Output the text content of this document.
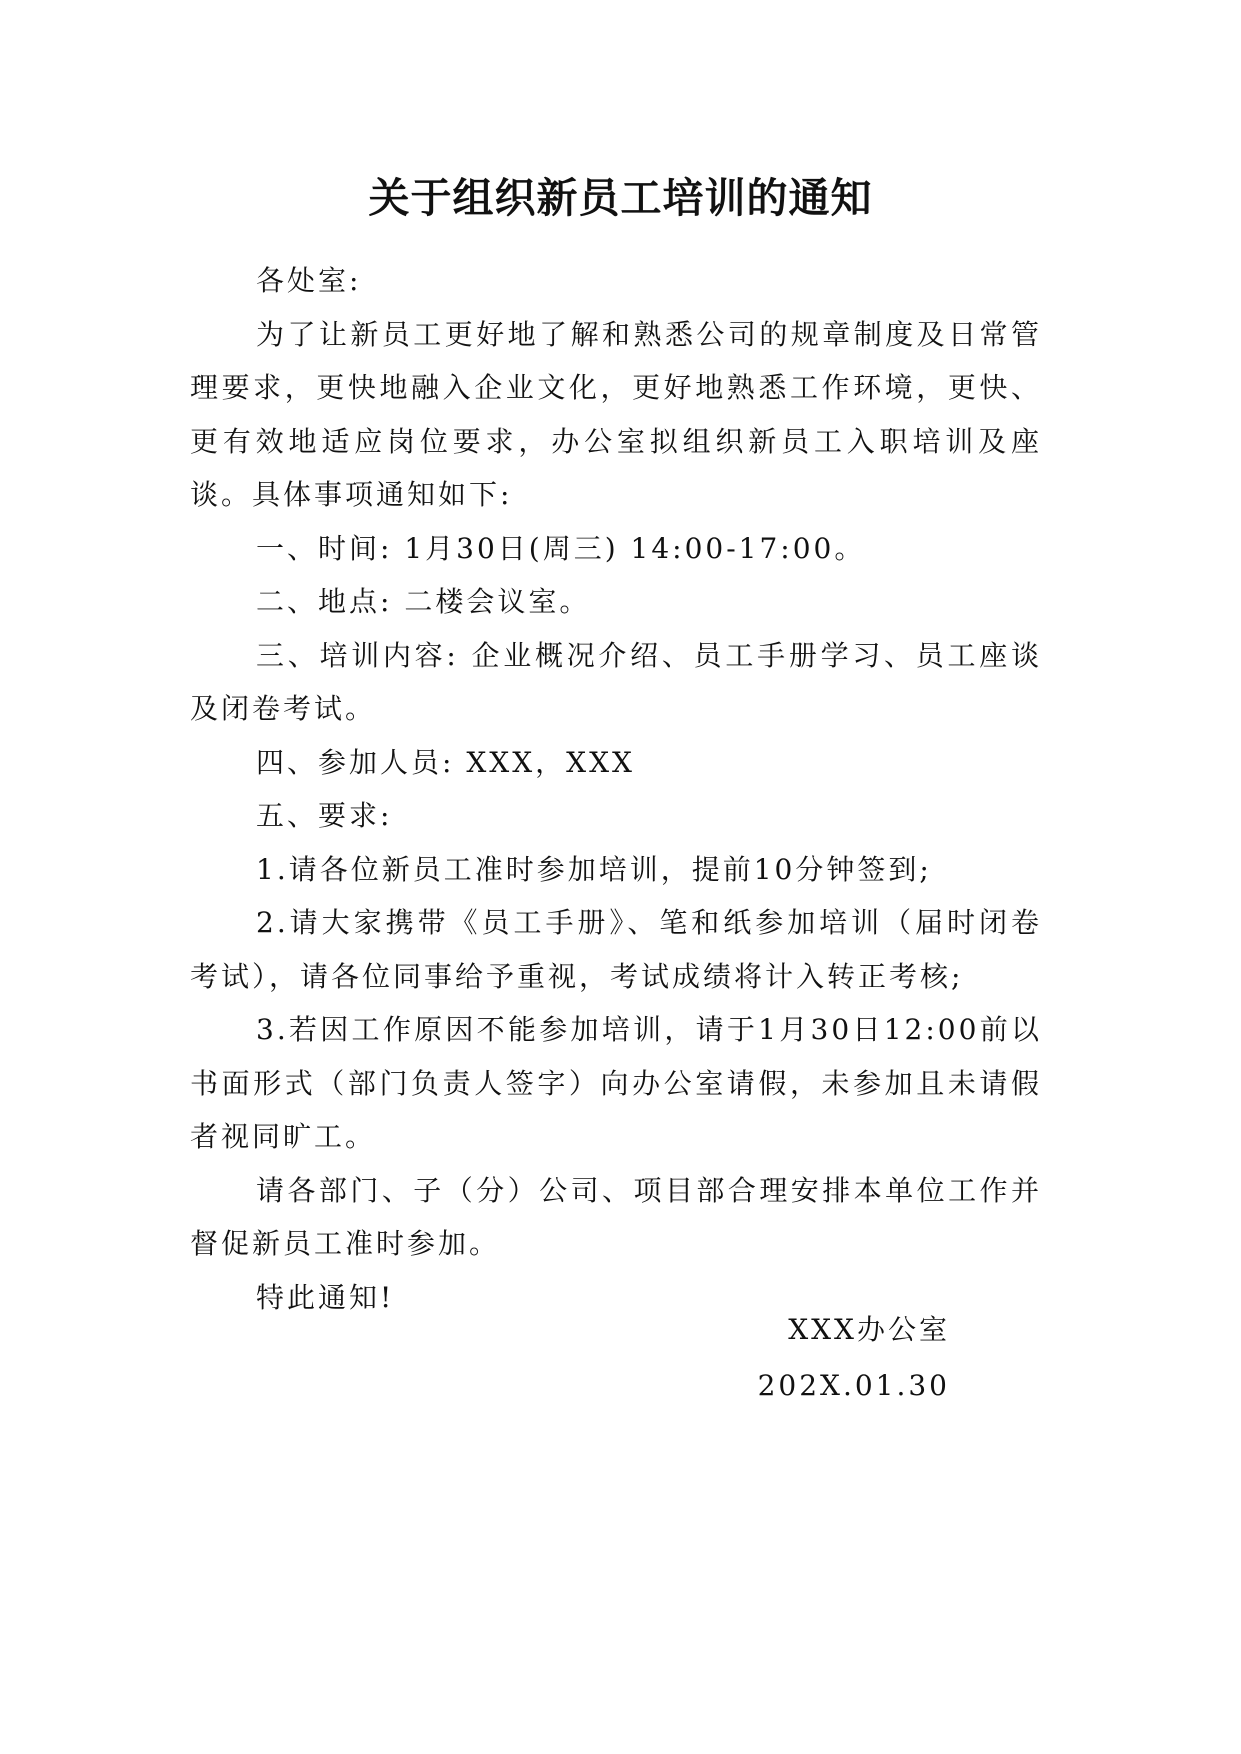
关于组织新员工培训的通知

各处室:

为了让新员工更好地了解和熟悉公司的规章制度及日常管理要求，更快地融入企业文化，更好地熟悉工作环境，更快、更有效地适应岗位要求，办公室拟组织新员工入职培训及座谈。具体事项通知如下:

一、时间: 1月30日(周三) 14:00-17:00。

二、地点: 二楼会议室。

三、培训内容: 企业概况介绍、员工手册学习、员工座谈及闭卷考试。

四、参加人员: XXX，XXX

五、要求:

1.请各位新员工准时参加培训，提前10分钟签到;

2.请大家携带《员工手册》、笔和纸参加培训（届时闭卷考试），请各位同事给予重视，考试成绩将计入转正考核;

3.若因工作原因不能参加培训，请于1月30日12:00前以书面形式（部门负责人签字）向办公室请假，未参加且未请假者视同旷工。

请各部门、子（分）公司、项目部合理安排本单位工作并督促新员工准时参加。

特此通知!

XXX办公室
202X.01.30
